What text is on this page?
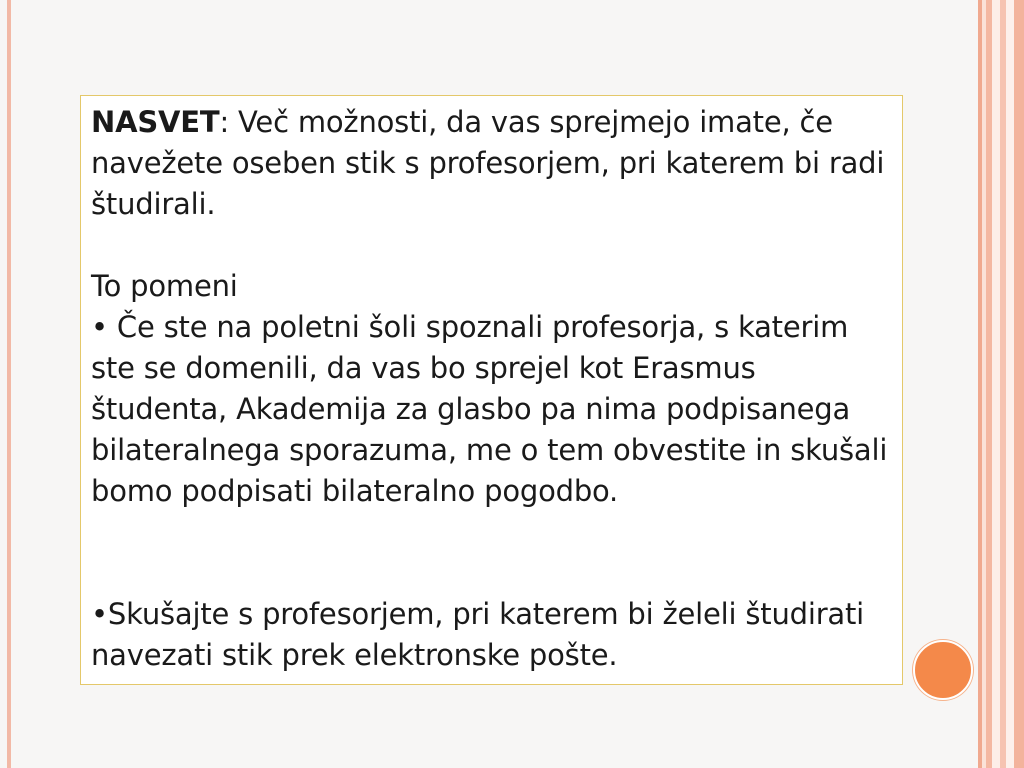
NASVET: Več možnosti, da vas sprejmejo imate, če navežete oseben stik s profesorjem, pri katerem bi radi študirali.

To pomeni

• Če ste na poletni šoli spoznali profesorja, s katerim ste se domenili, da vas bo sprejel kot Erasmus študenta, Akademija za glasbo pa nima podpisanega bilateralnega sporazuma, me o tem obvestite in skušali bomo podpisati bilateralno pogodbo.

•Skušajte s profesorjem, pri katerem bi želeli študirati navezati stik prek elektronske pošte.
